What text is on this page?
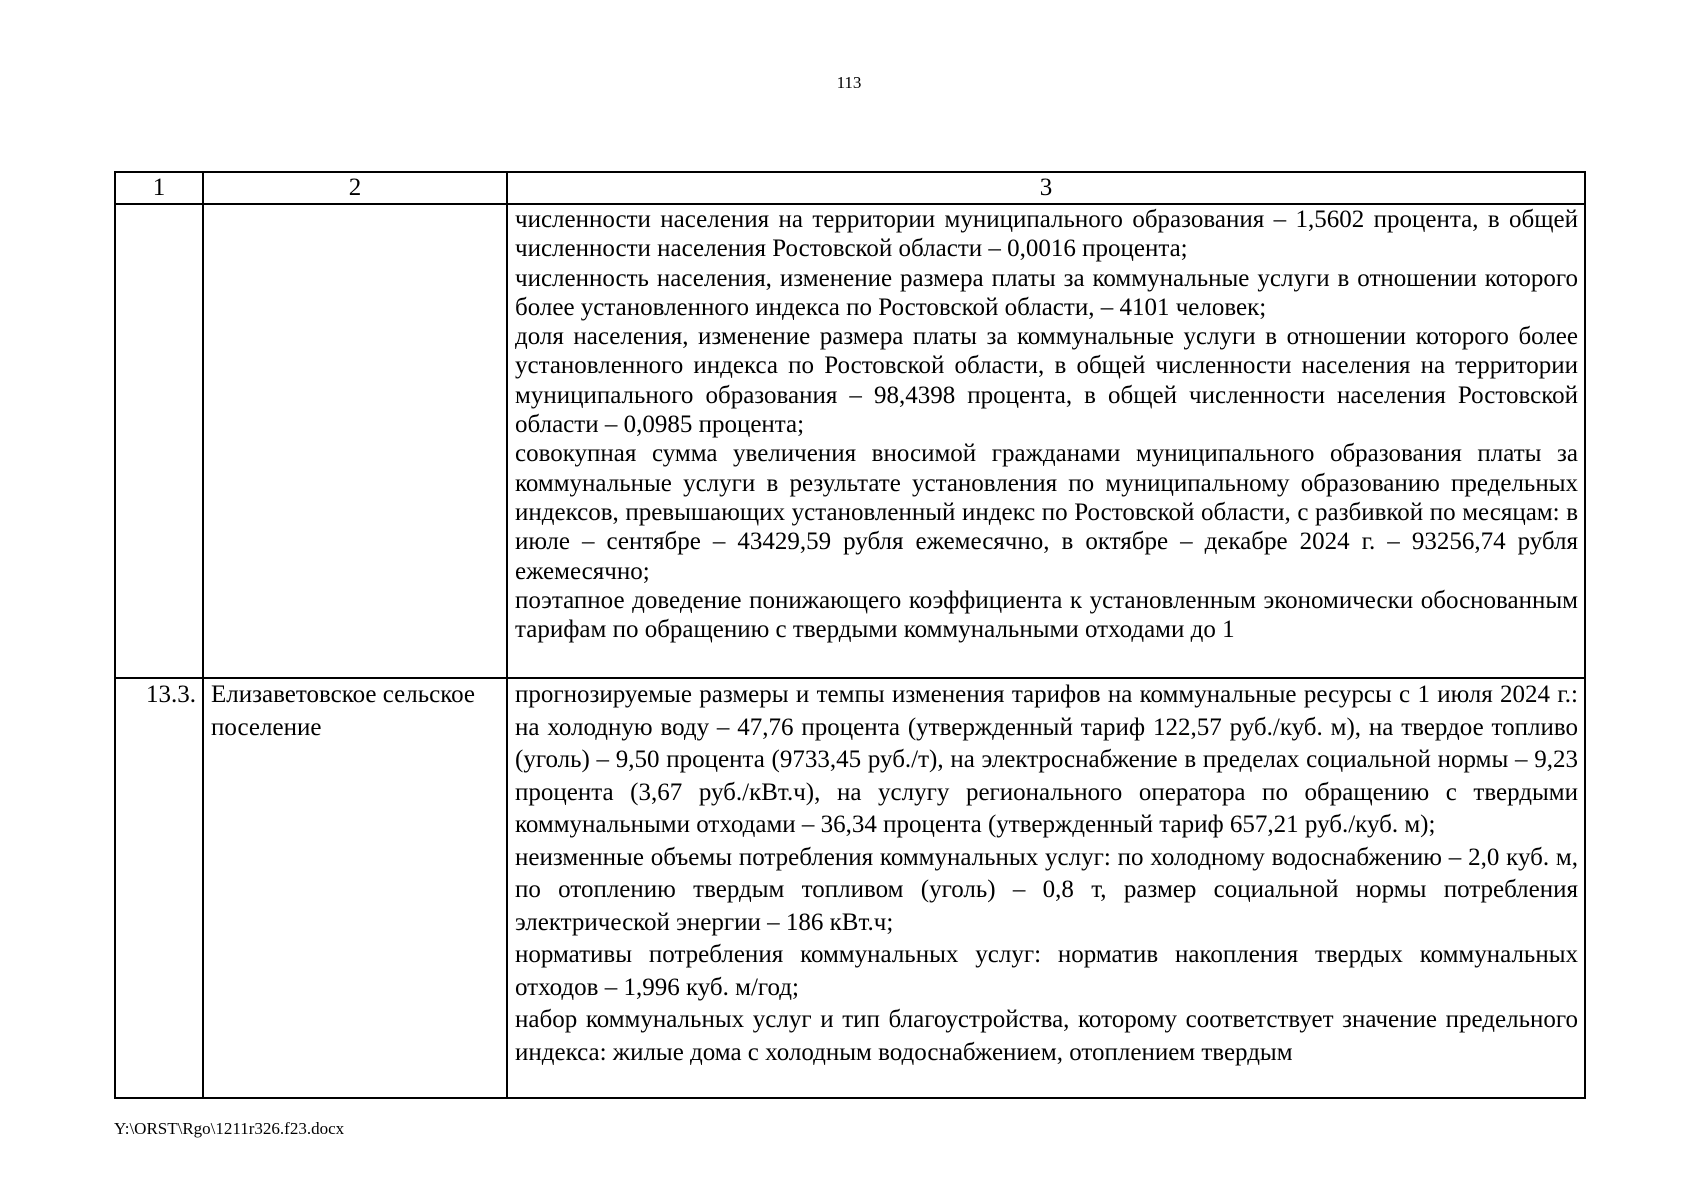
113
1	2	3

		численности населения на территории муниципального образования – 1,5602 процента, в общей численности населения Ростовской области – 0,0016 процента;

численность населения, изменение размера платы за коммунальные услуги в отношении которого более установленного индекса по Ростовской области, – 4101 человек;

доля населения, изменение размера платы за коммунальные услуги в отношении которого более установленного индекса по Ростовской области, в общей численности населения на территории муниципального образования – 98,4398 процента, в общей численности населения Ростовской области – 0,0985 процента;

совокупная сумма увеличения вносимой гражданами муниципального образования платы за коммунальные услуги в результате установления по муниципальному образованию предельных индексов, превышающих установленный индекс по Ростовской области, с разбивкой по месяцам: в июле – сентябре – 43429,59 рубля ежемесячно, в октябре – декабре 2024 г. – 93256,74 рубля ежемесячно;

поэтапное доведение понижающего коэффициента к установленным экономически обоснованным тарифам по обращению с твердыми коммунальными отходами до 1

13.3.	Елизаветовское сельское поселение	прогнозируемые размеры и темпы изменения тарифов на коммунальные ресурсы с 1 июля 2024 г.: на холодную воду – 47,76 процента (утвержденный тариф 122,57 руб./куб. м), на твердое топливо (уголь) – 9,50 процента (9733,45 руб./т), на электроснабжение в пределах социальной нормы – 9,23 процента (3,67 руб./кВт.ч), на услугу регионального оператора по обращению с твердыми коммунальными отходами – 36,34 процента (утвержденный тариф 657,21 руб./куб. м);

неизменные объемы потребления коммунальных услуг: по холодному водоснабжению – 2,0 куб. м, по отоплению твердым топливом (уголь) – 0,8 т, размер социальной нормы потребления электрической энергии – 186 кВт.ч;

нормативы потребления коммунальных услуг: норматив накопления твердых коммунальных отходов – 1,996 куб. м/год;

набор коммунальных услуг и тип благоустройства, которому соответствует значение предельного индекса: жилые дома с холодным водоснабжением, отоплением твердым

Y:\ORST\Rgo\1211r326.f23.docx
